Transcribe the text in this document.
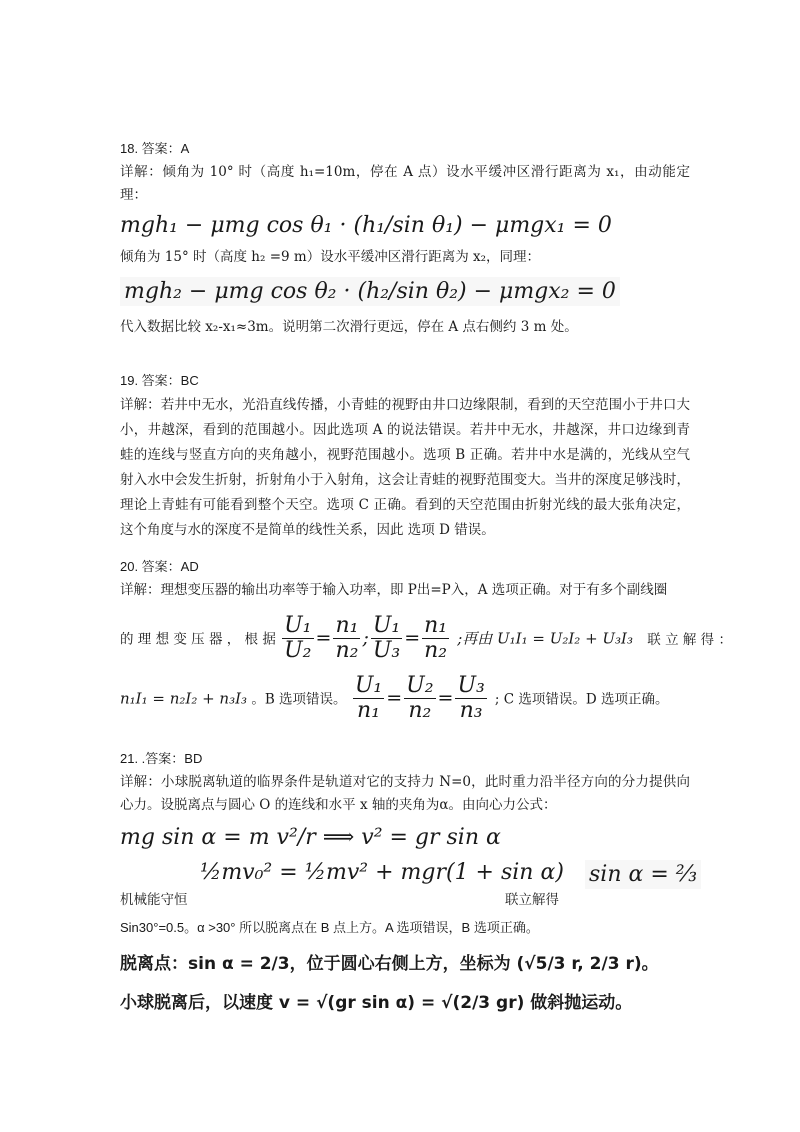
18. 答案：A

详解：倾角为 10° 时（高度 h₁=10m，停在 A 点）设水平缓冲区滑行距离为 x₁，由动能定理：

mgh₁ − μmg cos θ₁ · (h₁/sin θ₁) − μmgx₁ = 0

倾角为 15° 时（高度 h₂ =9 m）设水平缓冲区滑行距离为 x₂，同理：

mgh₂ − μmg cos θ₂ · (h₂/sin θ₂) − μmgx₂ = 0

代入数据比较 x₂-x₁≈3m。说明第二次滑行更远，停在 A 点右侧约 3 m 处。

19. 答案：BC

详解：若井中无水，光沿直线传播，小青蛙的视野由井口边缘限制，看到的天空范围小于井口大小，井越深，看到的范围越小。因此选项 A 的说法错误。若井中无水，井越深，井口边缘到青蛙的连线与竖直方向的夹角越小，视野范围越小。选项 B 正确。若井中水是满的，光线从空气射入水中会发生折射，折射角小于入射角，这会让青蛙的视野范围变大。当井的深度足够浅时，理论上青蛙有可能看到整个天空。选项 C 正确。看到的天空范围由折射光线的最大张角决定，这个角度与水的深度不是简单的线性关系，因此 选项 D 错误。

20. 答案：AD

详解：理想变压器的输出功率等于输入功率，即 P出=P入，A 选项正确。对于有多个副线圈

的 理 想 变 压 器 ， 根 据 $\frac{\text{U₁}}{\text{U₂}} = \frac{\text{n₁}}{\text{n₂}}$ ; $\frac{\text{U₁}}{\text{U₃}} = \frac{\text{n₁}}{\text{n₂}}$ ;再由 U₁I₁ = U₂I₂ + U₃I₃ 联 立 解 得 ：
n₁I₁ = n₂I₂ + n₃I₃ 。B 选项错误。 $\frac{\text{U₁}}{\text{n₁}} = \frac{\text{U₂}}{\text{n₂}} = \frac{\text{U₃}}{\text{n₃}}$ ; C 选项错误。D 选项正确。

21. .答案：BD

详解：小球脱离轨道的临界条件是轨道对它的支持力 N=0，此时重力沿半径方向的分力提供向心力。设脱离点与圆心 O 的连线和水平 x 轴的夹角为α。由向心力公式：

mg sin α = m v²/r ⟹ v² = gr sin α

机械能守恒
½mv₀² = ½mv² + mgr(1 + sin α)
联立解得
sin α = ⅔

Sin30°=0.5。α >30° 所以脱离点在 B 点上方。A 选项错误，B 选项正确。

脱离点：sin α = 2/3，位于圆心右侧上方，坐标为 (√5/3 r, 2/3 r)。

小球脱离后，以速度 v = √(gr sin α) = √(2/3 gr) 做斜抛运动。
